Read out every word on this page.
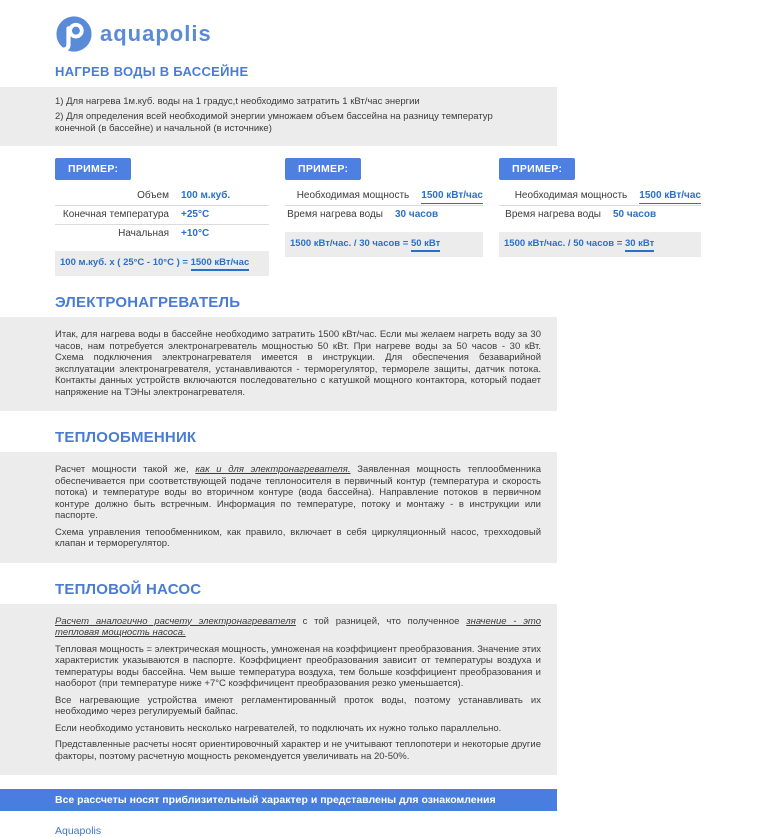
aquapolis
НАГРЕВ ВОДЫ В БАССЕЙНЕ

1) Для нагрева 1м.куб. воды на 1 градус,t необходимо затратить 1 кВт/час энергии

2) Для определения всей необходимой энергии умножаем объем бассейна на разницу температур конечной (в бассейне) и начальной (в источнике)

ПРИМЕР:
Объем	100 м.куб.
Конечная температура	+25°С
Начальная	+10°С
100 м.куб. x ( 25°С - 10°С ) = 1500 кВт/час
ПРИМЕР:
Необходимая мощность	1500 кВт/час
Время нагрева воды	30 часов
1500 кВт/час. / 30 часов = 50 кВт
ПРИМЕР:
Необходимая мощность	1500 кВт/час
Время нагрева воды	50 часов
1500 кВт/час. / 50 часов = 30 кВт
ЭЛЕКТРОНАГРЕВАТЕЛЬ

Итак, для нагрева воды в бассейне необходимо затратить 1500 кВт/час. Если мы желаем нагреть воду за 30 часов, нам потребуется электронагреватель мощностью 50 кВт. При нагреве воды за 50 часов - 30 кВт. Схема подключения электронагревателя имеется в инструкции. Для обеспечения безаварийной эксплуатации электронагревателя, устанавливаются - терморегулятор, термореле защиты, датчик потока. Контакты данных устройств включаются последовательно с катушкой мощного контактора, который подает напряжение на ТЭНы электронагревателя.

ТЕПЛООБМЕННИК

Расчет мощности такой же, как и для электронагревателя. Заявленная мощность теплообменника обеспечивается при соответствующей подаче теплоносителя в первичный контур (температура и скорость потока) и температуре воды во вторичном контуре (вода бассейна). Направление потоков в первичном контуре должно быть встречным. Информация по температуре, потоку и монтажу - в инструкции или паспорте.

Схема управления тепообменником, как правило, включает в себя циркуляционный насос, трехходовый клапан и терморегулятор.

ТЕПЛОВОЙ НАСОС

Расчет аналогично расчету электронагревателя с той разницей, что полученное значение - это тепловая мощность насоса.

Тепловая мощность = электрическая мощность, умноженая на коэффициент преобразования. Значение этих характеристик указываются в паспорте. Коэффициент преобразования зависит от температуры воздуха и температуры воды бассейна. Чем выше температура воздуха, тем больше коэффициент преобразования и наоборот (при температуре ниже +7°С коэффичицент преобразования резко уменьшается).

Все нагревающие устройства имеют регламентированный проток воды, поэтому устанавливать их необходимо через регулируемый байпас.

Если необходимо установить несколько нагревателей, то подключать их нужно только параллельно.

Представленные расчеты носят ориентировочный характер и не учитывают теплопотери и некоторые другие факторы, поэтому расчетную мощность рекомендуется увеличивать на 20-50%.

Все рассчеты носят приблизительный характер и представлены для ознакомления
Aquapolis
